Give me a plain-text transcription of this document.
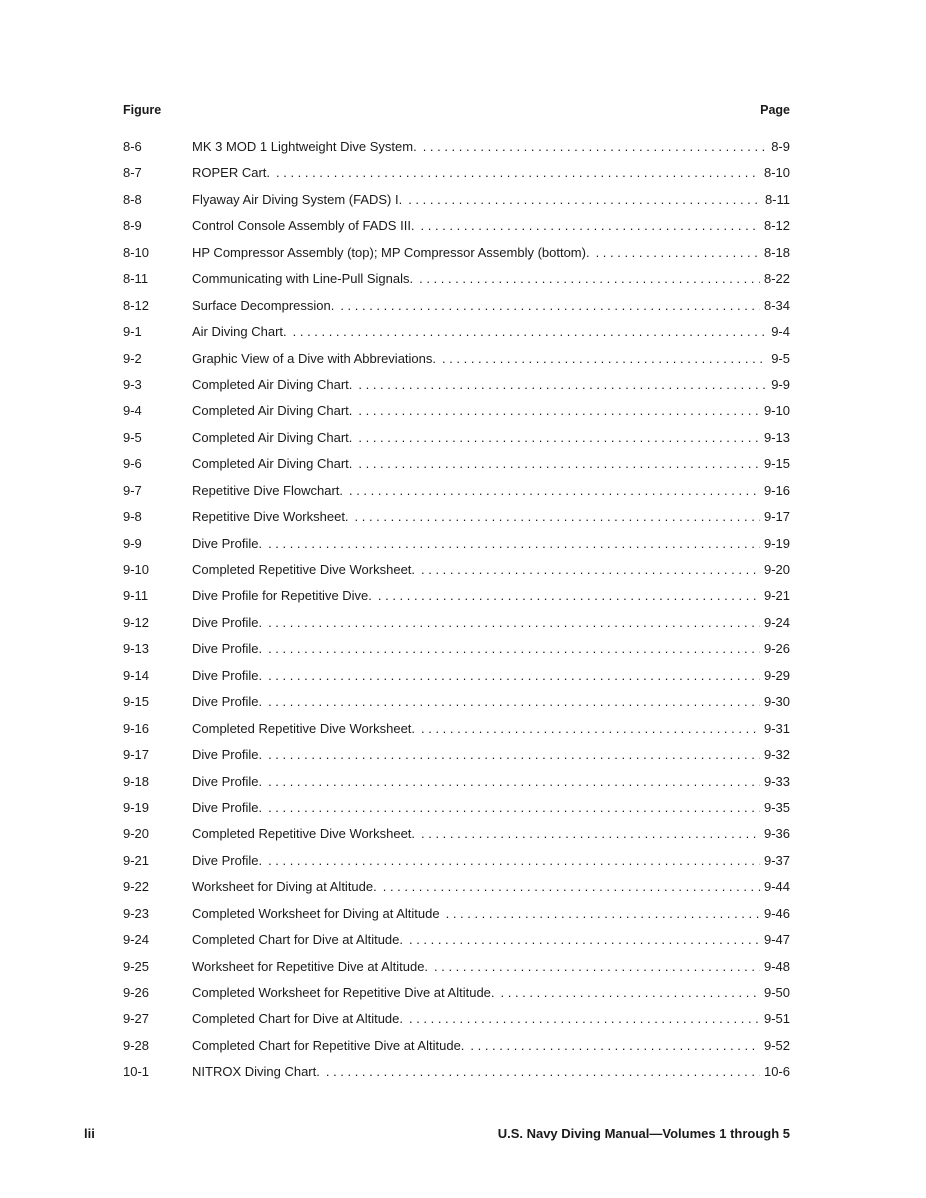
Figure	Page
8-6	MK 3 MOD 1 Lightweight Dive System. .....	8-9
8-7	ROPER Cart. .....	8-10
8-8	Flyaway Air Diving System (FADS) I. .....	8-11
8-9	Control Console Assembly of FADS III. .....	8-12
8-10	HP Compressor Assembly (top); MP Compressor Assembly (bottom). .....	8-18
8-11	Communicating with Line-Pull Signals. .....	8-22
8-12	Surface Decompression. .....	8-34
9-1	Air Diving Chart. .....	9-4
9-2	Graphic View of a Dive with Abbreviations. .....	9-5
9-3	Completed Air Diving Chart. .....	9-9
9-4	Completed Air Diving Chart. .....	9-10
9-5	Completed Air Diving Chart. .....	9-13
9-6	Completed Air Diving Chart. .....	9-15
9-7	Repetitive Dive Flowchart. .....	9-16
9-8	Repetitive Dive Worksheet. .....	9-17
9-9	Dive Profile. .....	9-19
9-10	Completed Repetitive Dive Worksheet. .....	9-20
9-11	Dive Profile for Repetitive Dive. .....	9-21
9-12	Dive Profile. .....	9-24
9-13	Dive Profile. .....	9-26
9-14	Dive Profile. .....	9-29
9-15	Dive Profile. .....	9-30
9-16	Completed Repetitive Dive Worksheet. .....	9-31
9-17	Dive Profile. .....	9-32
9-18	Dive Profile. .....	9-33
9-19	Dive Profile. .....	9-35
9-20	Completed Repetitive Dive Worksheet. .....	9-36
9-21	Dive Profile. .....	9-37
9-22	Worksheet for Diving at Altitude. .....	9-44
9-23	Completed Worksheet for Diving at Altitude .....	9-46
9-24	Completed Chart for Dive at Altitude. .....	9-47
9-25	Worksheet for Repetitive Dive at Altitude. .....	9-48
9-26	Completed Worksheet for Repetitive Dive at Altitude. .....	9-50
9-27	Completed Chart for Dive at Altitude. .....	9-51
9-28	Completed Chart for Repetitive Dive at Altitude. .....	9-52
10-1	NITROX Diving Chart. .....	10-6
lii	U.S. Navy Diving Manual—Volumes 1 through 5
